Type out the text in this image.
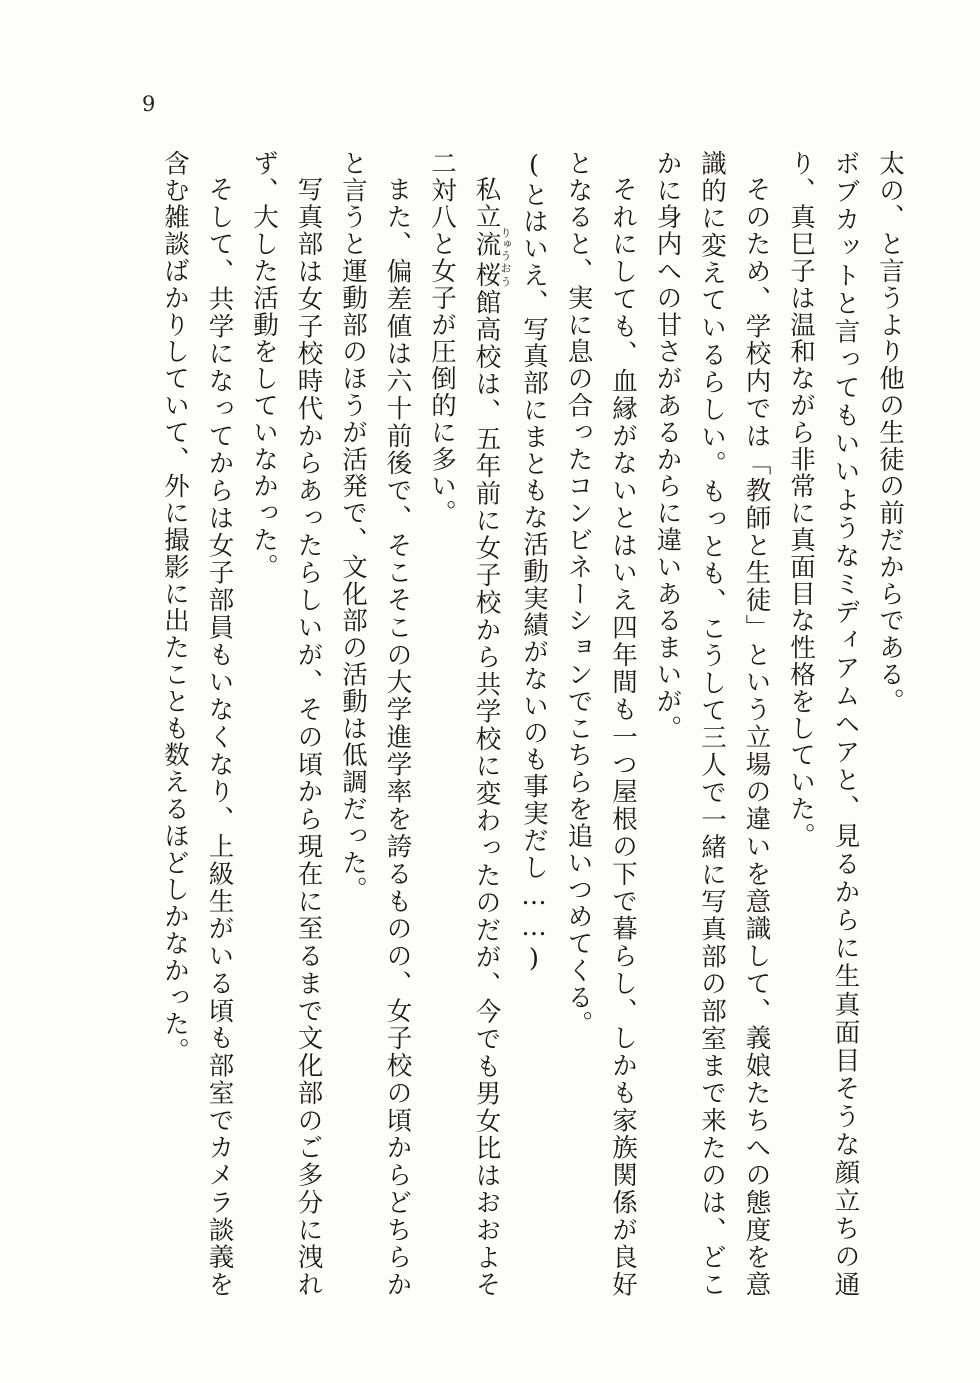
9

太の、と言うより他の生徒の前だからである。

ボブカットと言ってもいいようなミディアムヘアと、見るからに生真面目そうな顔立ちの通り、真巳子は温和ながら非常に真面目な性格をしていた。

そのため、学校内では「教師と生徒」という立場の違いを意識して、義娘たちへの態度を意識的に変えているらしい。もっとも、こうして三人で一緒に写真部の部室まで来たのは、どこかに身内への甘さがあるからに違いあるまいが。

それにしても、血縁がないとはいえ四年間も一つ屋根の下で暮らし、しかも家族関係が良好となると、実に息の合ったコンビネーションでこちらを追いつめてくる。

(とはいえ、写真部にまともな活動実績がないのも事実だし……)

私立流りゅう桜おう館高校は、五年前に女子校から共学校に変わったのだが、今でも男女比はおおよそ二対八と女子が圧倒的に多い。

また、偏差値は六十前後で、そこそこの大学進学率を誇るものの、女子校の頃からどちらかと言うと運動部のほうが活発で、文化部の活動は低調だった。

写真部は女子校時代からあったらしいが、その頃から現在に至るまで文化部のご多分に洩れず、大した活動をしていなかった。

そして、共学になってからは女子部員もいなくなり、上級生がいる頃も部室でカメラ談義を含む雑談ばかりしていて、外に撮影に出たことも数えるほどしかなかった。
